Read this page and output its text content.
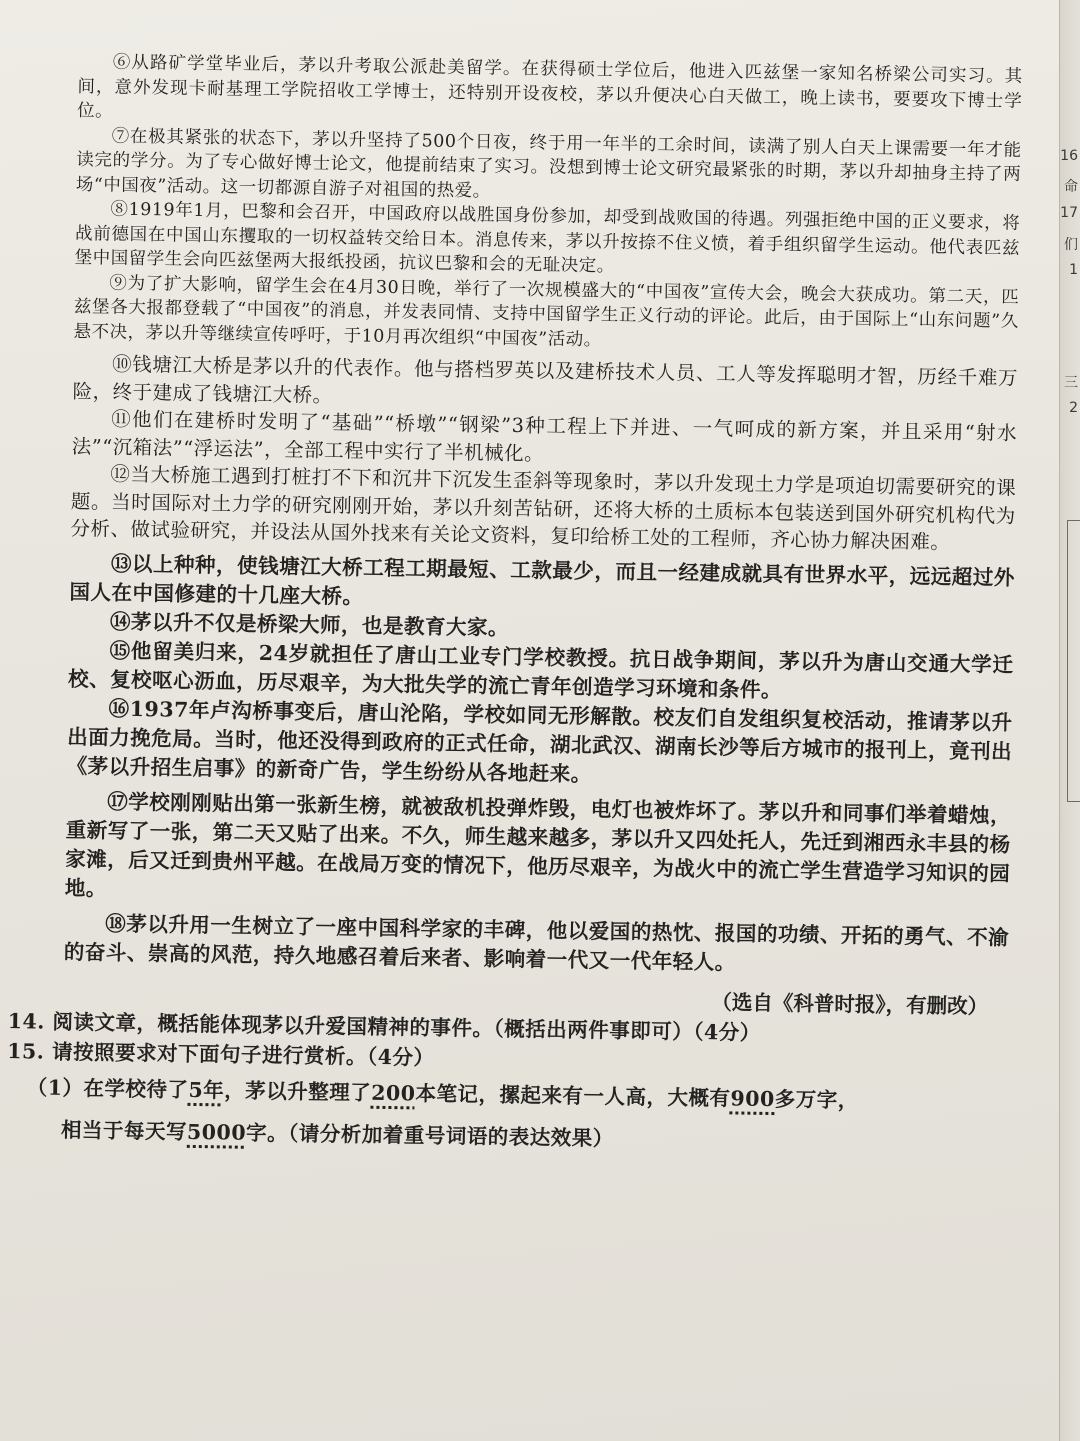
⑥从路矿学堂毕业后，茅以升考取公派赴美留学。在获得硕士学位后，他进入匹兹堡一家知名桥梁公司实习。其间，意外发现卡耐基理工学院招收工学博士，还特别开设夜校，茅以升便决心白天做工，晚上读书，要要攻下博士学位。

⑦在极其紧张的状态下，茅以升坚持了500个日夜，终于用一年半的工余时间，读满了别人白天上课需要一年才能读完的学分。为了专心做好博士论文，他提前结束了实习。没想到博士论文研究最紧张的时期，茅以升却抽身主持了两场“中国夜”活动。这一切都源自游子对祖国的热爱。

⑧1919年1月，巴黎和会召开，中国政府以战胜国身份参加，却受到战败国的待遇。列强拒绝中国的正义要求，将战前德国在中国山东攫取的一切权益转交给日本。消息传来，茅以升按捺不住义愤，着手组织留学生运动。他代表匹兹堡中国留学生会向匹兹堡两大报纸投函，抗议巴黎和会的无耻决定。

⑨为了扩大影响，留学生会在4月30日晚，举行了一次规模盛大的“中国夜”宣传大会，晚会大获成功。第二天，匹兹堡各大报都登载了“中国夜”的消息，并发表同情、支持中国留学生正义行动的评论。此后，由于国际上“山东问题”久悬不决，茅以升等继续宣传呼吁，于10月再次组织“中国夜”活动。

⑩钱塘江大桥是茅以升的代表作。他与搭档罗英以及建桥技术人员、工人等发挥聪明才智，历经千难万险，终于建成了钱塘江大桥。

⑪他们在建桥时发明了“基础”“桥墩”“钢梁”3种工程上下并进、一气呵成的新方案，并且采用“射水法”“沉箱法”“浮运法”，全部工程中实行了半机械化。

⑫当大桥施工遇到打桩打不下和沉井下沉发生歪斜等现象时，茅以升发现土力学是项迫切需要研究的课题。当时国际对土力学的研究刚刚开始，茅以升刻苦钻研，还将大桥的土质标本包装送到国外研究机构代为分析、做试验研究，并设法从国外找来有关论文资料，复印给桥工处的工程师，齐心协力解决困难。

⑬以上种种，使钱塘江大桥工程工期最短、工款最少，而且一经建成就具有世界水平，远远超过外国人在中国修建的十几座大桥。

⑭茅以升不仅是桥梁大师，也是教育大家。

⑮他留美归来，24岁就担任了唐山工业专门学校教授。抗日战争期间，茅以升为唐山交通大学迁校、复校呕心沥血，历尽艰辛，为大批失学的流亡青年创造学习环境和条件。

⑯1937年卢沟桥事变后，唐山沦陷，学校如同无形解散。校友们自发组织复校活动，推请茅以升出面力挽危局。当时，他还没得到政府的正式任命，湖北武汉、湖南长沙等后方城市的报刊上，竟刊出《茅以升招生启事》的新奇广告，学生纷纷从各地赶来。

⑰学校刚刚贴出第一张新生榜，就被敌机投弹炸毁，电灯也被炸坏了。茅以升和同事们举着蜡烛，重新写了一张，第二天又贴了出来。不久，师生越来越多，茅以升又四处托人，先迁到湘西永丰县的杨家滩，后又迁到贵州平越。在战局万变的情况下，他历尽艰辛，为战火中的流亡学生营造学习知识的园地。

⑱茅以升用一生树立了一座中国科学家的丰碑，他以爱国的热忱、报国的功绩、开拓的勇气、不渝的奋斗、崇高的风范，持久地感召着后来者、影响着一代又一代年轻人。

（选自《科普时报》，有删改）

14. 阅读文章，概括能体现茅以升爱国精神的事件。（概括出两件事即可）（4分）

15. 请按照要求对下面句子进行赏析。（4分）

（1）在学校待了5年，茅以升整理了200本笔记，摞起来有一人高，大概有900多万字，

相当于每天写5000字。（请分析加着重号词语的表达效果）

16
命
17
们
1
三
2
